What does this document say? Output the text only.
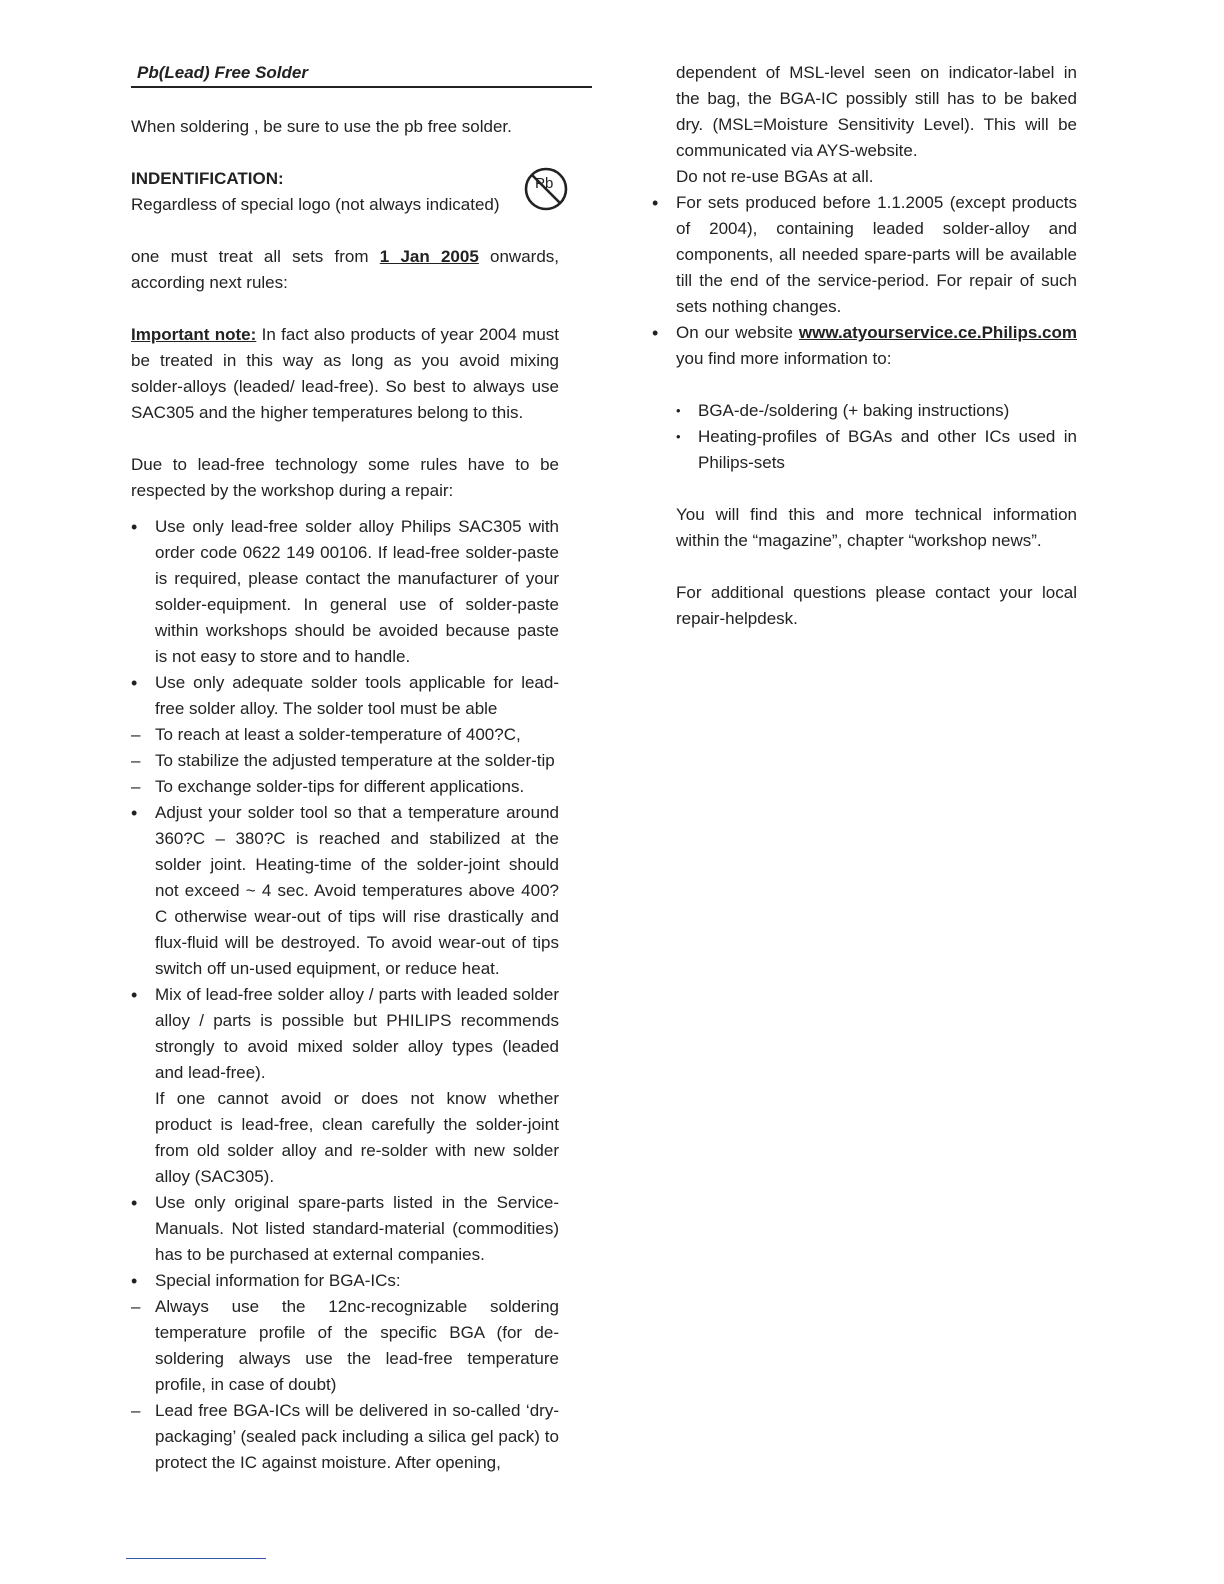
Pb(Lead) Free Solder

When soldering , be sure to use the pb free solder.

INDENTIFICATION:

Regardless of special logo (not always indicated)

Pb

one must treat all sets from 1 Jan 2005 onwards, according next rules:

Important note: In fact also products of year 2004 must be treated in this way as long as you avoid mixing solder-alloys (leaded/ lead-free). So best to always use SAC305 and the higher temperatures belong to this.

Due to lead-free technology some rules have to be respected by the workshop during a repair:

• Use only lead-free solder alloy Philips SAC305 with order code 0622 149 00106. If lead-free solder-paste is required, please contact the manufacturer of your solder-equipment. In general use of solder-paste within workshops should be avoided because paste is not easy to store and to handle.
• Use only adequate solder tools applicable for lead-free solder alloy. The solder tool must be able
– To reach at least a solder-temperature of 400?C,
– To stabilize the adjusted temperature at the solder-tip
– To exchange solder-tips for different applications.
• Adjust your solder tool so that a temperature around 360?C – 380?C is reached and stabilized at the solder joint. Heating-time of the solder-joint should not exceed ~ 4 sec. Avoid temperatures above 400?C otherwise wear-out of tips will rise drastically and flux-fluid will be destroyed. To avoid wear-out of tips switch off un-used equipment, or reduce heat.
• Mix of lead-free solder alloy / parts with leaded solder alloy / parts is possible but PHILIPS recommends strongly to avoid mixed solder alloy types (leaded and lead-free).
If one cannot avoid or does not know whether product is lead-free, clean carefully the solder-joint from old solder alloy and re-solder with new solder alloy (SAC305).
• Use only original spare-parts listed in the Service-Manuals. Not listed standard-material (commodities) has to be purchased at external companies.
• Special information for BGA-ICs:
– Always use the 12nc-recognizable soldering temperature profile of the specific BGA (for de-soldering always use the lead-free temperature profile, in case of doubt)
– Lead free BGA-ICs will be delivered in so-called ‘dry-packaging’ (sealed pack including a silica gel pack) to protect the IC against moisture. After opening,

dependent of MSL-level seen on indicator-label in the bag, the BGA-IC possibly still has to be baked dry. (MSL=Moisture Sensitivity Level). This will be communicated via AYS-website.

Do not re-use BGAs at all.

• For sets produced before 1.1.2005 (except products of 2004), containing leaded solder-alloy and components, all needed spare-parts will be available till the end of the service-period. For repair of such sets nothing changes.
• On our website www.atyourservice.ce.Philips.com you find more information to:
• BGA-de-/soldering (+ baking instructions)
• Heating-profiles of BGAs and other ICs used in Philips-sets

You will find this and more technical information within the “magazine”, chapter “workshop news”.

For additional questions please contact your local repair-helpdesk.
